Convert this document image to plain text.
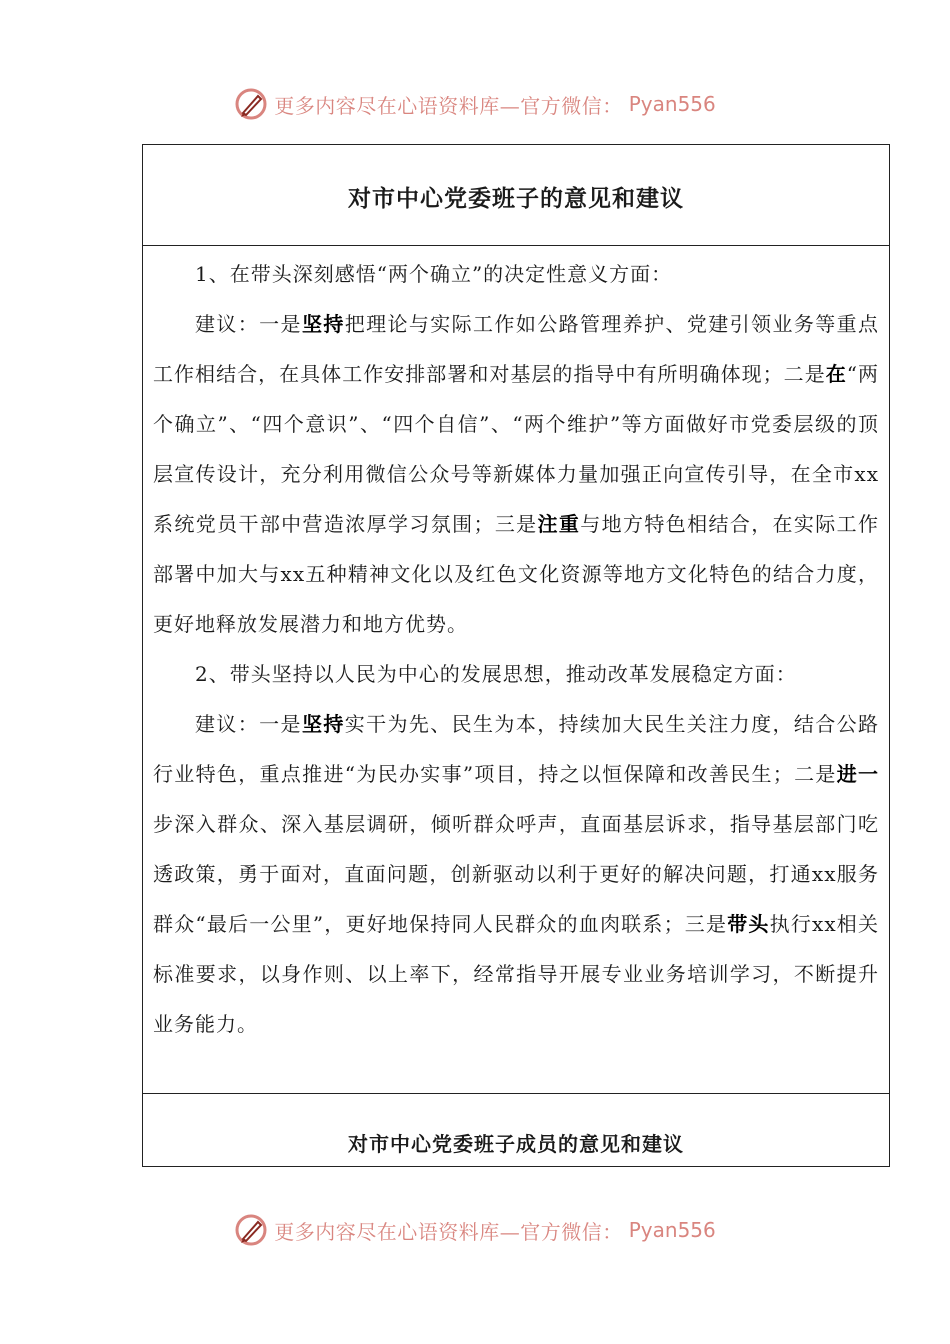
更多内容尽在心语资料库—官方微信： Pyan556
对市中心党委班子的意见和建议

1、在带头深刻感悟“两个确立”的决定性意义方面：

建议：一是坚持把理论与实际工作如公路管理养护、党建引领业务等重点工作相结合，在具体工作安排部署和对基层的指导中有所明确体现；二是在“两个确立”、“四个意识”、“四个自信”、“两个维护”等方面做好市党委层级的顶层宣传设计，充分利用微信公众号等新媒体力量加强正向宣传引导，在全市xx系统党员干部中营造浓厚学习氛围；三是注重与地方特色相结合，在实际工作部署中加大与xx五种精神文化以及红色文化资源等地方文化特色的结合力度，更好地释放发展潜力和地方优势。

2、带头坚持以人民为中心的发展思想，推动改革发展稳定方面：

建议：一是坚持实干为先、民生为本，持续加大民生关注力度，结合公路行业特色，重点推进“为民办实事”项目，持之以恒保障和改善民生；二是进一步深入群众、深入基层调研，倾听群众呼声，直面基层诉求，指导基层部门吃透政策，勇于面对，直面问题，创新驱动以利于更好的解决问题，打通xx服务群众“最后一公里”，更好地保持同人民群众的血肉联系；三是带头执行xx相关标准要求，以身作则、以上率下，经常指导开展专业业务培训学习，不断提升业务能力。

对市中心党委班子成员的意见和建议
更多内容尽在心语资料库—官方微信： Pyan556
